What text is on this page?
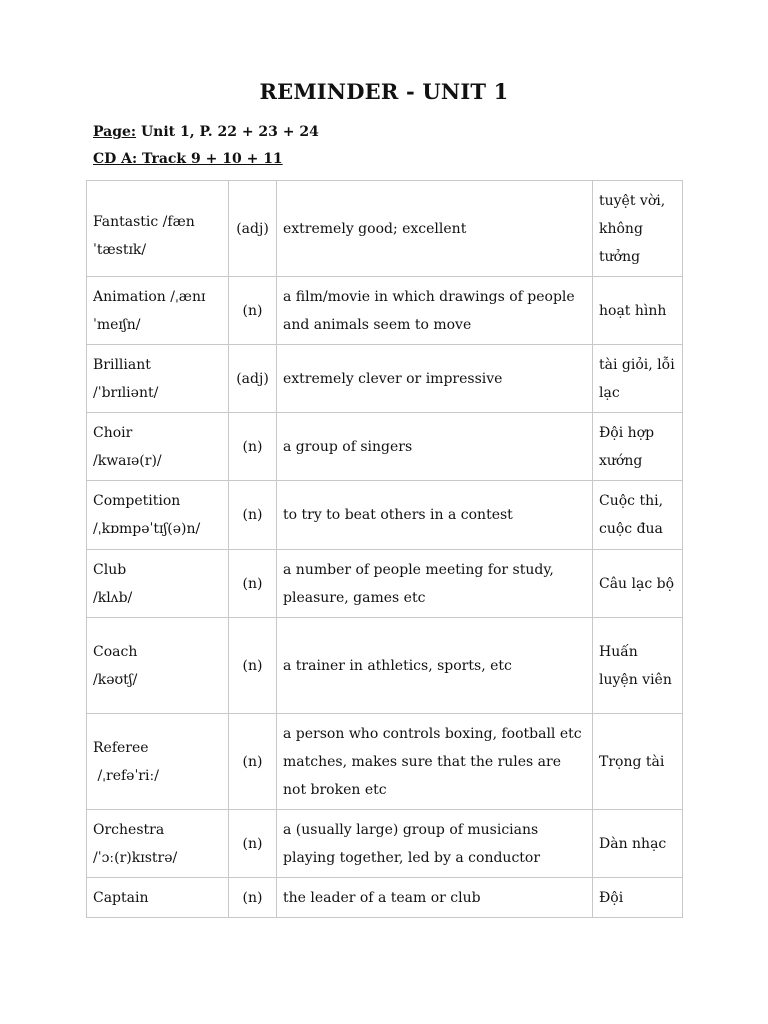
REMINDER - UNIT 1

Page: Unit 1, P. 22 + 23 + 24

CD A: Track 9 + 10 + 11

Fantastic /fæn
ˈtæstɪk/	(adj)	extremely good; excellent	tuyệt vời, không tưởng

Animation /ˌænɪ
ˈmeɪʃn/	(n)	a film/movie in which drawings of people and animals seem to move	hoạt hình

Brilliant
/ˈbrɪliənt/	(adj)	extremely clever or impressive	tài giỏi, lỗi lạc

Choir
/kwaɪə(r)/	(n)	a group of singers	Đội hợp xướng

Competition
/ˌkɒmpəˈtɪʃ(ə)n/	(n)	to try to beat others in a contest	Cuộc thi, cuộc đua

Club
/klʌb/	(n)	a number of people meeting for study, pleasure, games etc	Câu lạc bộ

Coach
/kəʊtʃ/	(n)	a trainer in athletics, sports, etc	Huấn luyện viên

Referee
/ˌrefəˈriː/	(n)	a person who controls boxing, football etc matches, makes sure that the rules are not broken etc	Trọng tài

Orchestra
/ˈɔː(r)kɪstrə/	(n)	a (usually large) group of musicians playing together, led by a conductor	Dàn nhạc

Captain	(n)	the leader of a team or club	Đội
